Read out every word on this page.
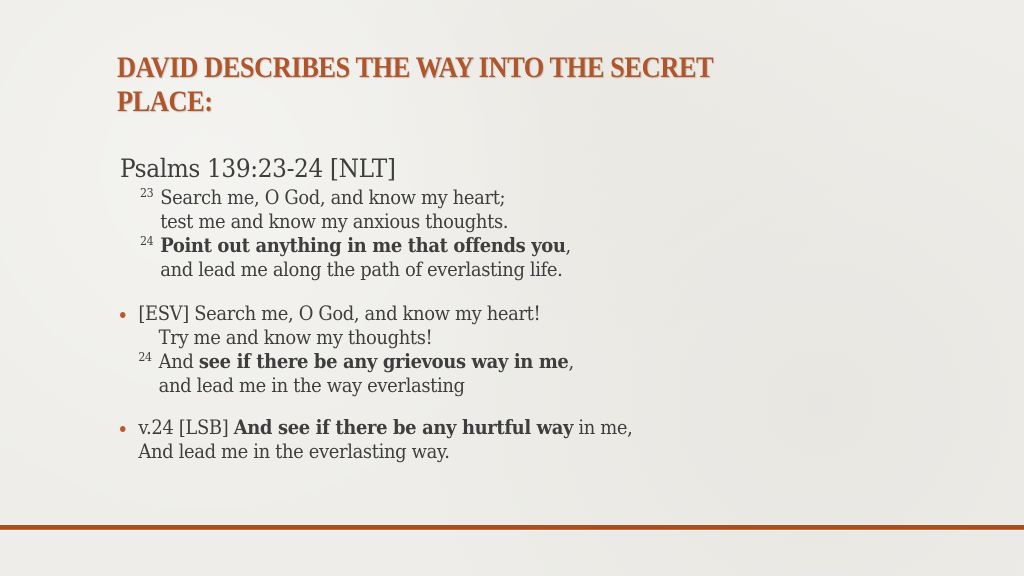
DAVID DESCRIBES THE WAY INTO THE SECRET
PLACE:

Psalms 139:23-24 [NLT]

23 Search me, O God, and know my heart;
test me and know my anxious thoughts.
24 Point out anything in me that offends you,
and lead me along the path of everlasting life.
[ESV] Search me, O God, and know my heart!
Try me and know my thoughts!
24 And see if there be any grievous way in me,
and lead me in the way everlasting
v.24 [LSB] And see if there be any hurtful way in me,
And lead me in the everlasting way.
